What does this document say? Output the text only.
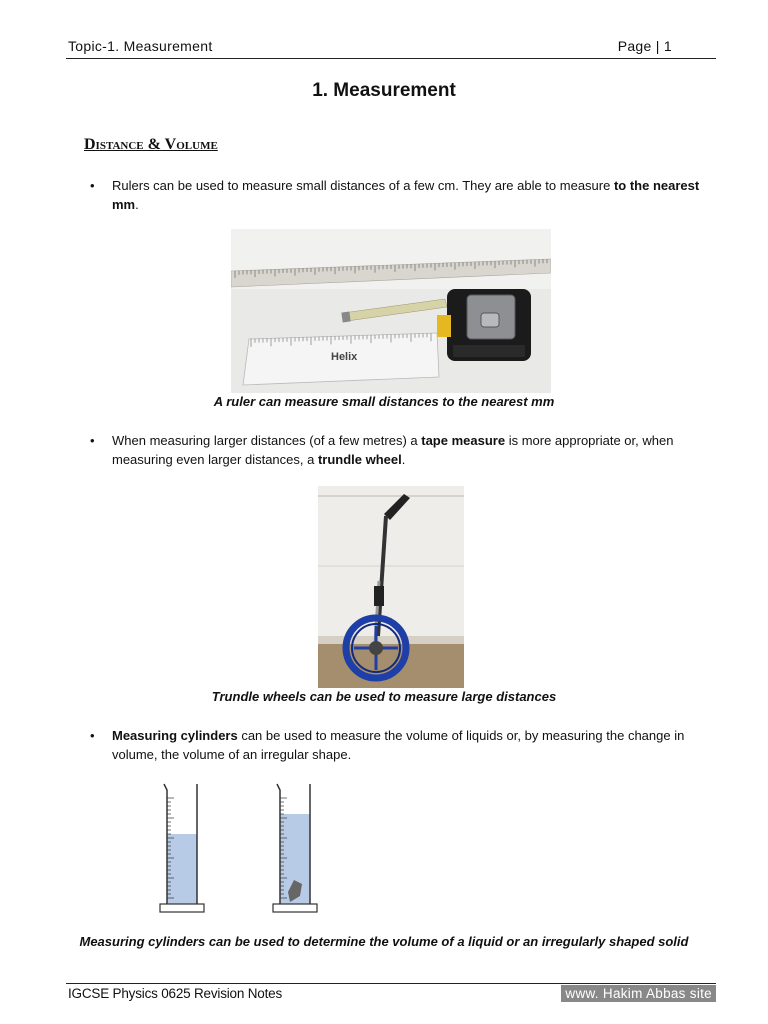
Topic-1. Measurement	Page | 1
1. Measurement
Distance & Volume
• Rulers can be used to measure small distances of a few cm. They are able to measure to the nearest mm.
Helix
A ruler can measure small distances to the nearest mm
• When measuring larger distances (of a few metres) a tape measure is more appropriate or, when measuring even larger distances, a trundle wheel.
Trundle wheels can be used to measure large distances
• Measuring cylinders can be used to measure the volume of liquids or, by measuring the change in volume, the volume of an irregular shape.
Measuring cylinders can be used to determine the volume of a liquid or an irregularly shaped solid
IGCSE Physics 0625 Revision Notes	www. Hakim Abbas site
